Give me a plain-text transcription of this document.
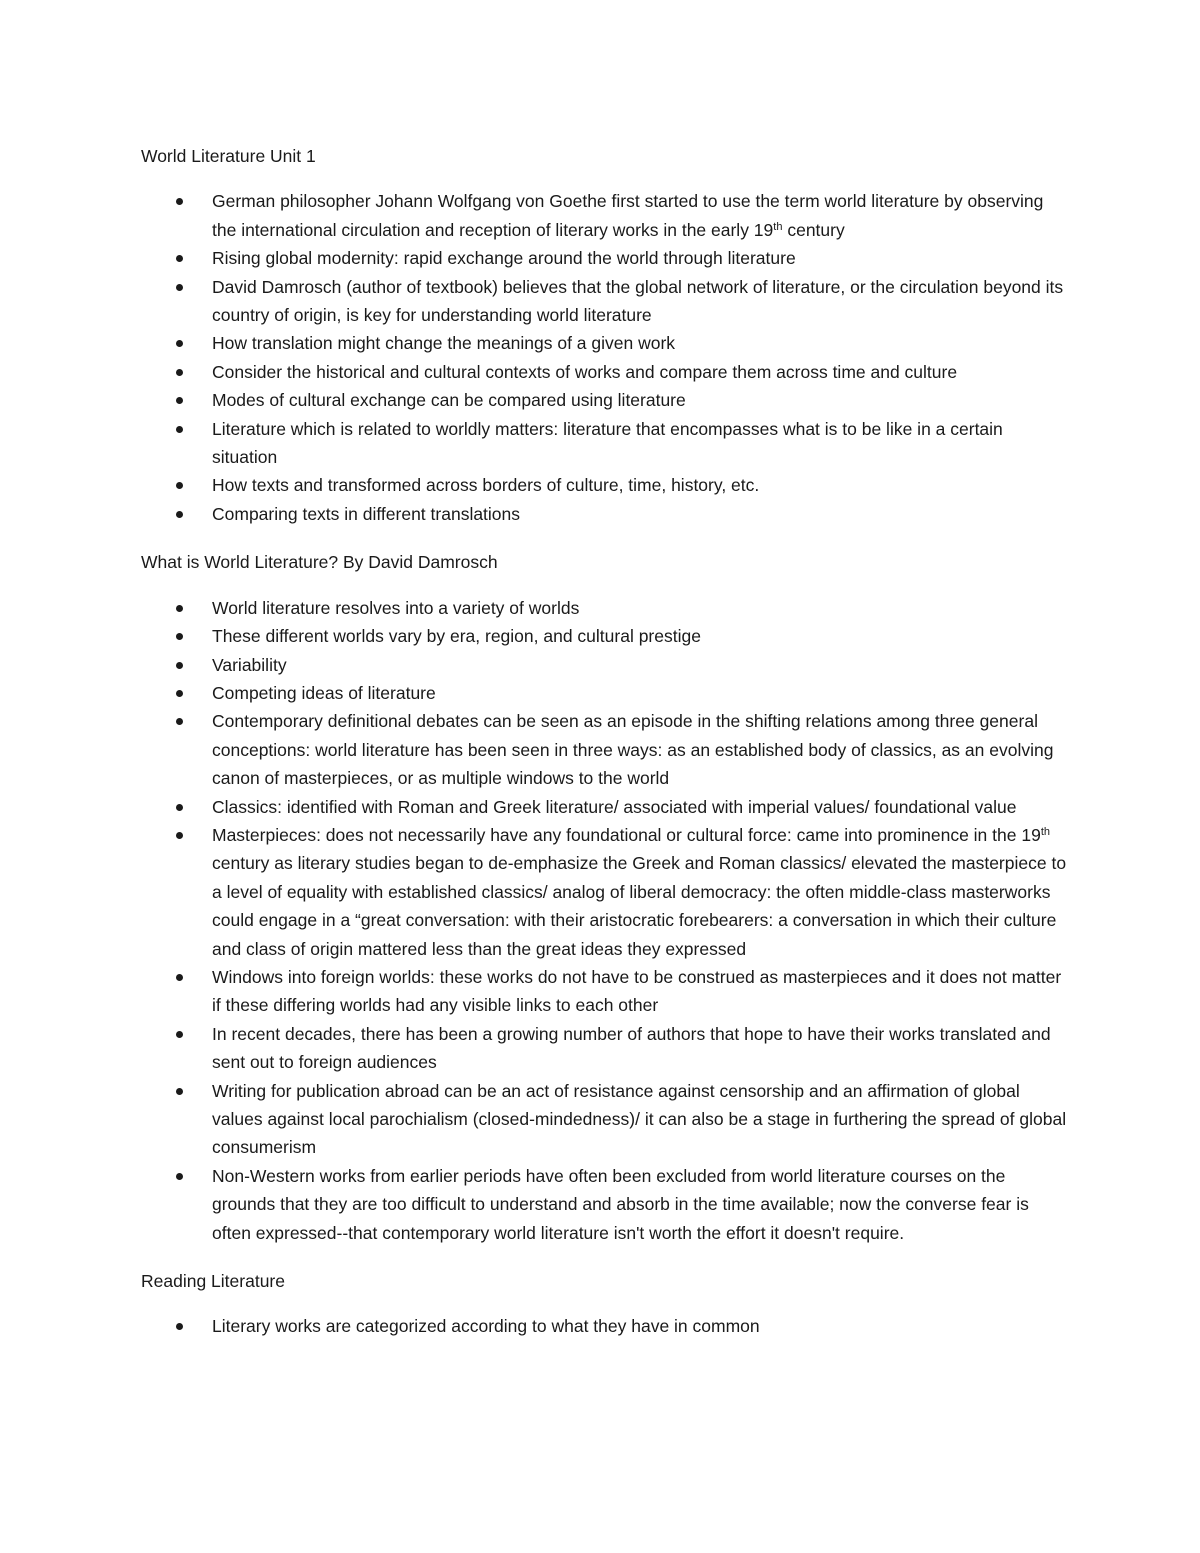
World Literature Unit 1

German philosopher Johann Wolfgang von Goethe first started to use the term world literature by observing the international circulation and reception of literary works in the early 19th century
Rising global modernity: rapid exchange around the world through literature
David Damrosch (author of textbook) believes that the global network of literature, or the circulation beyond its country of origin, is key for understanding world literature
How translation might change the meanings of a given work
Consider the historical and cultural contexts of works and compare them across time and culture
Modes of cultural exchange can be compared using literature
Literature which is related to worldly matters: literature that encompasses what is to be like in a certain situation
How texts and transformed across borders of culture, time, history, etc.
Comparing texts in different translations

What is World Literature? By David Damrosch

World literature resolves into a variety of worlds
These different worlds vary by era, region, and cultural prestige
Variability
Competing ideas of literature
Contemporary definitional debates can be seen as an episode in the shifting relations among three general conceptions: world literature has been seen in three ways: as an established body of classics, as an evolving canon of masterpieces, or as multiple windows to the world
Classics: identified with Roman and Greek literature/ associated with imperial values/ foundational value
Masterpieces: does not necessarily have any foundational or cultural force: came into prominence in the 19th century as literary studies began to de-emphasize the Greek and Roman classics/ elevated the masterpiece to a level of equality with established classics/ analog of liberal democracy: the often middle-class masterworks could engage in a “great conversation: with their aristocratic forebearers: a conversation in which their culture and class of origin mattered less than the great ideas they expressed
Windows into foreign worlds: these works do not have to be construed as masterpieces and it does not matter if these differing worlds had any visible links to each other
In recent decades, there has been a growing number of authors that hope to have their works translated and sent out to foreign audiences
Writing for publication abroad can be an act of resistance against censorship and an affirmation of global values against local parochialism (closed-mindedness)/ it can also be a stage in furthering the spread of global consumerism
Non-Western works from earlier periods have often been excluded from world literature courses on the grounds that they are too difficult to understand and absorb in the time available; now the converse fear is often expressed--that contemporary world literature isn't worth the effort it doesn't require.

Reading Literature

Literary works are categorized according to what they have in common
